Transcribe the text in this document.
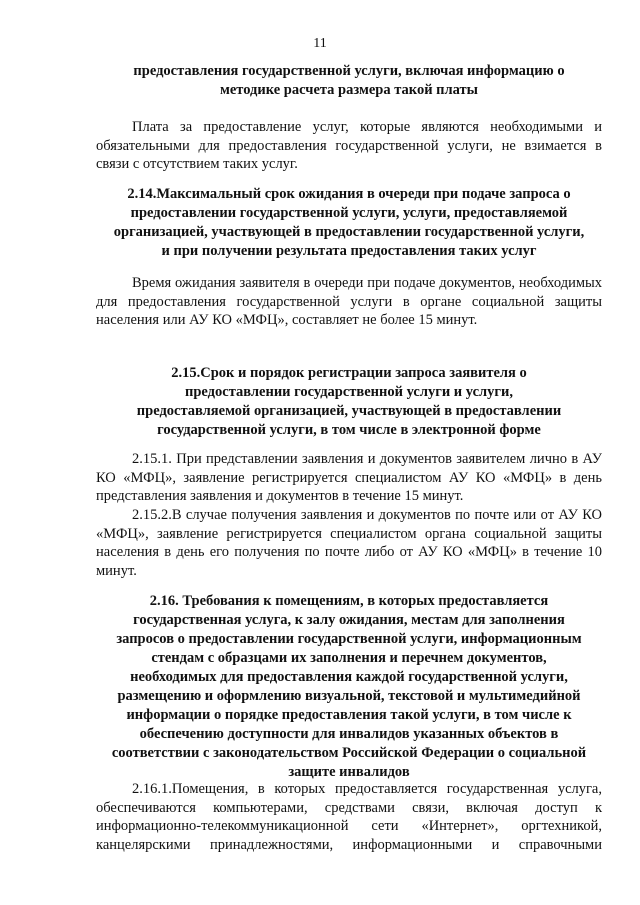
11
предоставления государственной услуги, включая информацию о
методике расчета размера такой платы

Плата за предоставление услуг, которые являются необходимыми и обязательными для предоставления государственной услуги, не взимается в связи с отсутствием таких услуг.

2.14.Максимальный срок ожидания в очереди при подаче запроса о
предоставлении государственной услуги, услуги, предоставляемой
организацией, участвующей в предоставлении государственной услуги,
и при получении результата предоставления таких услуг

Время ожидания заявителя в очереди при подаче документов, необходимых для предоставления государственной услуги в органе социальной защиты населения или АУ КО «МФЦ», составляет не более 15 минут.

2.15.Срок и порядок регистрации запроса заявителя о
предоставлении государственной услуги и услуги,
предоставляемой организацией, участвующей в предоставлении
государственной услуги, в том числе в электронной форме

2.15.1. При представлении заявления и документов заявителем лично в АУ КО «МФЦ», заявление регистрируется специалистом АУ КО «МФЦ» в день представления заявления и документов в течение 15 минут.

2.15.2.В случае получения заявления и документов по почте или от АУ КО «МФЦ», заявление регистрируется специалистом органа социальной защиты населения в день его получения по почте либо от АУ КО «МФЦ» в течение 10 минут.

2.16. Требования к помещениям, в которых предоставляется
государственная услуга, к залу ожидания, местам для заполнения
запросов о предоставлении государственной услуги, информационным
стендам с образцами их заполнения и перечнем документов,
необходимых для предоставления каждой государственной услуги,
размещению и оформлению визуальной, текстовой и мультимедийной
информации о порядке предоставления такой услуги, в том числе к
обеспечению доступности для инвалидов указанных объектов в
соответствии с законодательством Российской Федерации о социальной
защите инвалидов

2.16.1.Помещения, в которых предоставляется государственная услуга, обеспечиваются компьютерами, средствами связи, включая доступ к информационно-телекоммуникационной сети «Интернет», оргтехникой, канцелярскими принадлежностями, информационными и справочными
